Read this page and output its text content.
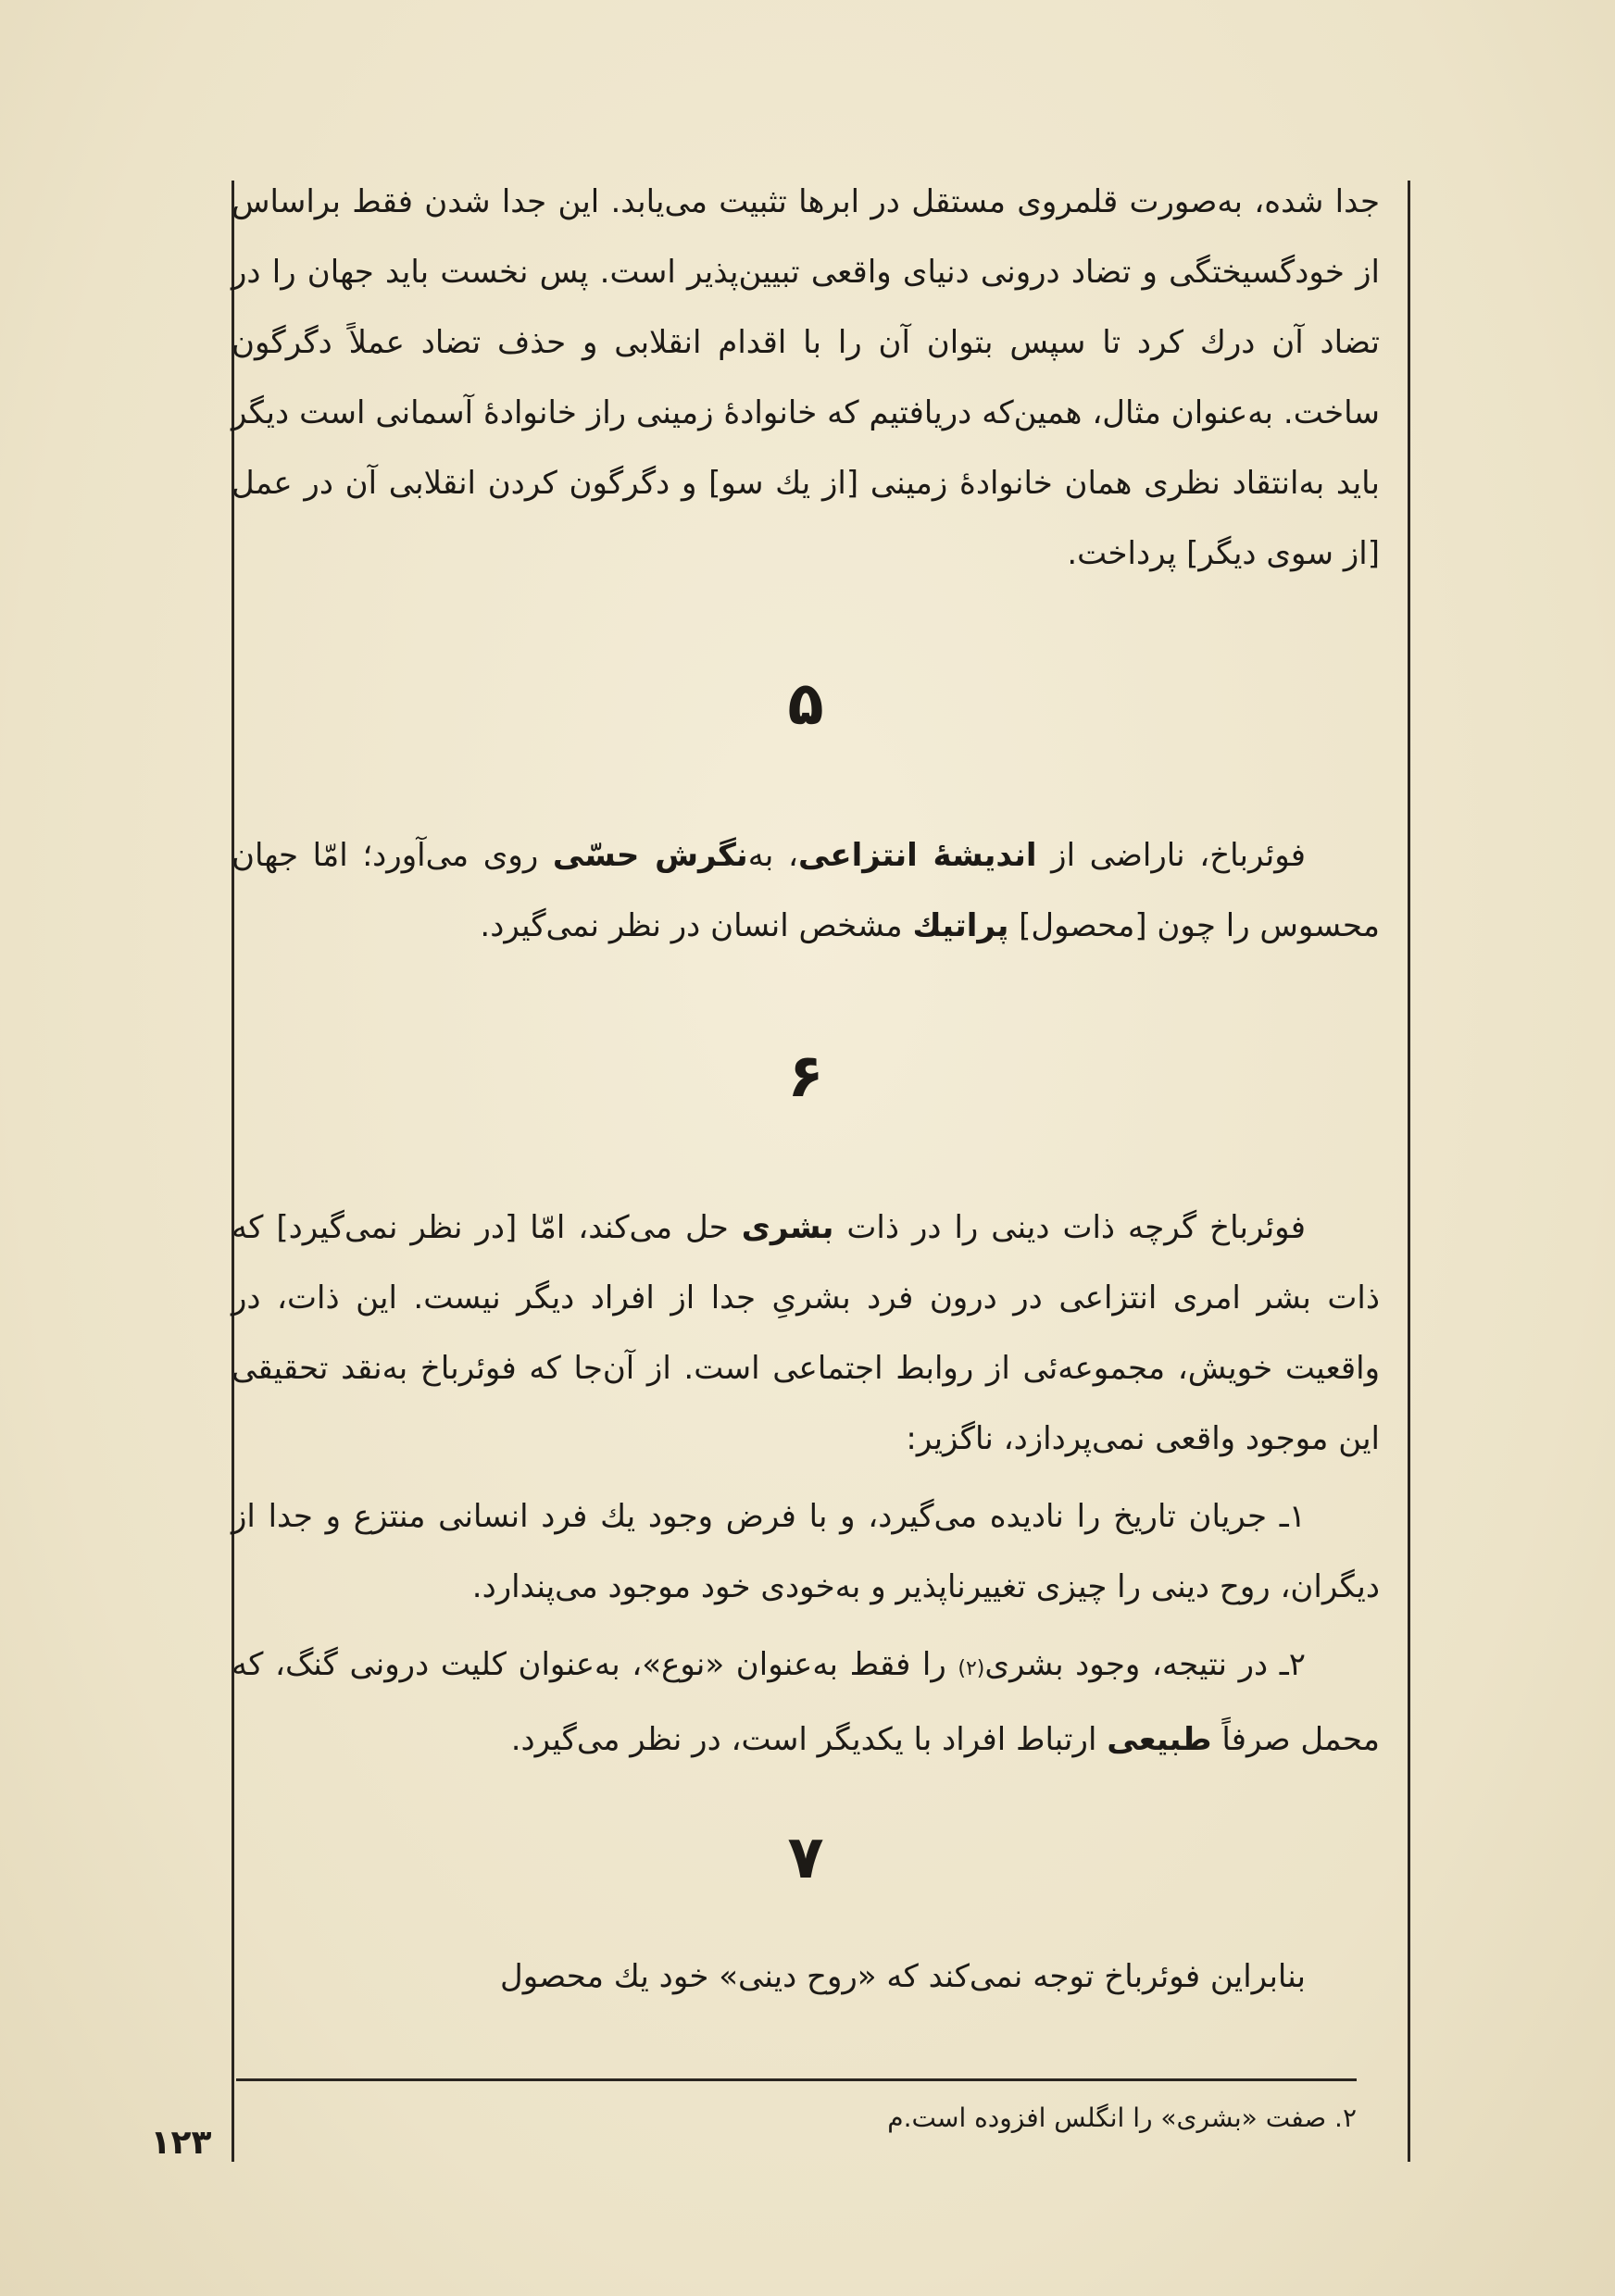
جدا شده، به‌صورت قلمروی مستقل در ابرها تثبیت می‌یابد. این جدا شدن فقط براساس از خودگسیختگی و تضاد درونی دنیای واقعی تبیین‌پذیر است. پس نخست باید جهان را در تضاد آن درك كرد تا سپس بتوان آن را با اقدام انقلابی و حذف تضاد عملاً دگرگون ساخت. به‌عنوان مثال، همین‌كه دریافتیم كه خانوادهٔ زمینی راز خانوادهٔ آسمانی است دیگر باید به‌انتقاد نظری همان خانوادهٔ زمینی [از یك سو] و دگرگون كردن انقلابی آن در عمل [از سوی دیگر] پرداخت.

۵

فوئرباخ، ناراضی از اندیشهٔ انتزاعی، به‌نگرش حسّی روی می‌آورد؛ امّا جهان محسوس را چون [محصول] پراتیك مشخص انسان در نظر نمی‌گیرد.

۶

فوئرباخ گرچه ذات دینی را در ذات بشری حل می‌كند، امّا [در نظر نمی‌گیرد] كه ذات بشر امری انتزاعی در درون فرد بشریِ جدا از افراد دیگر نیست. این ذات، در واقعیت خویش، مجموعه‌ئی از روابط اجتماعی است. از آن‌جا كه فوئرباخ به‌نقد تحقیقی این موجود واقعی نمی‌پردازد، ناگزیر:

۱ـ جریان تاریخ را نادیده می‌گیرد، و با فرض وجود یك فرد انسانی منتزع و جدا از دیگران، روح دینی را چیزی تغییرناپذیر و به‌خودی خود موجود می‌پندارد.

۲ـ در نتیجه، وجود بشری(۲) را فقط به‌عنوان «نوع»، به‌عنوان كلیت درونی گنگ، كه محمل صرفاً طبیعی ارتباط افراد با یكدیگر است، در نظر می‌گیرد.

۷

بنابراین فوئرباخ توجه نمی‌كند كه «روح دینی» خود یك محصول

۲. صفت «بشری» را انگلس افزوده است.م
۱۲۳
